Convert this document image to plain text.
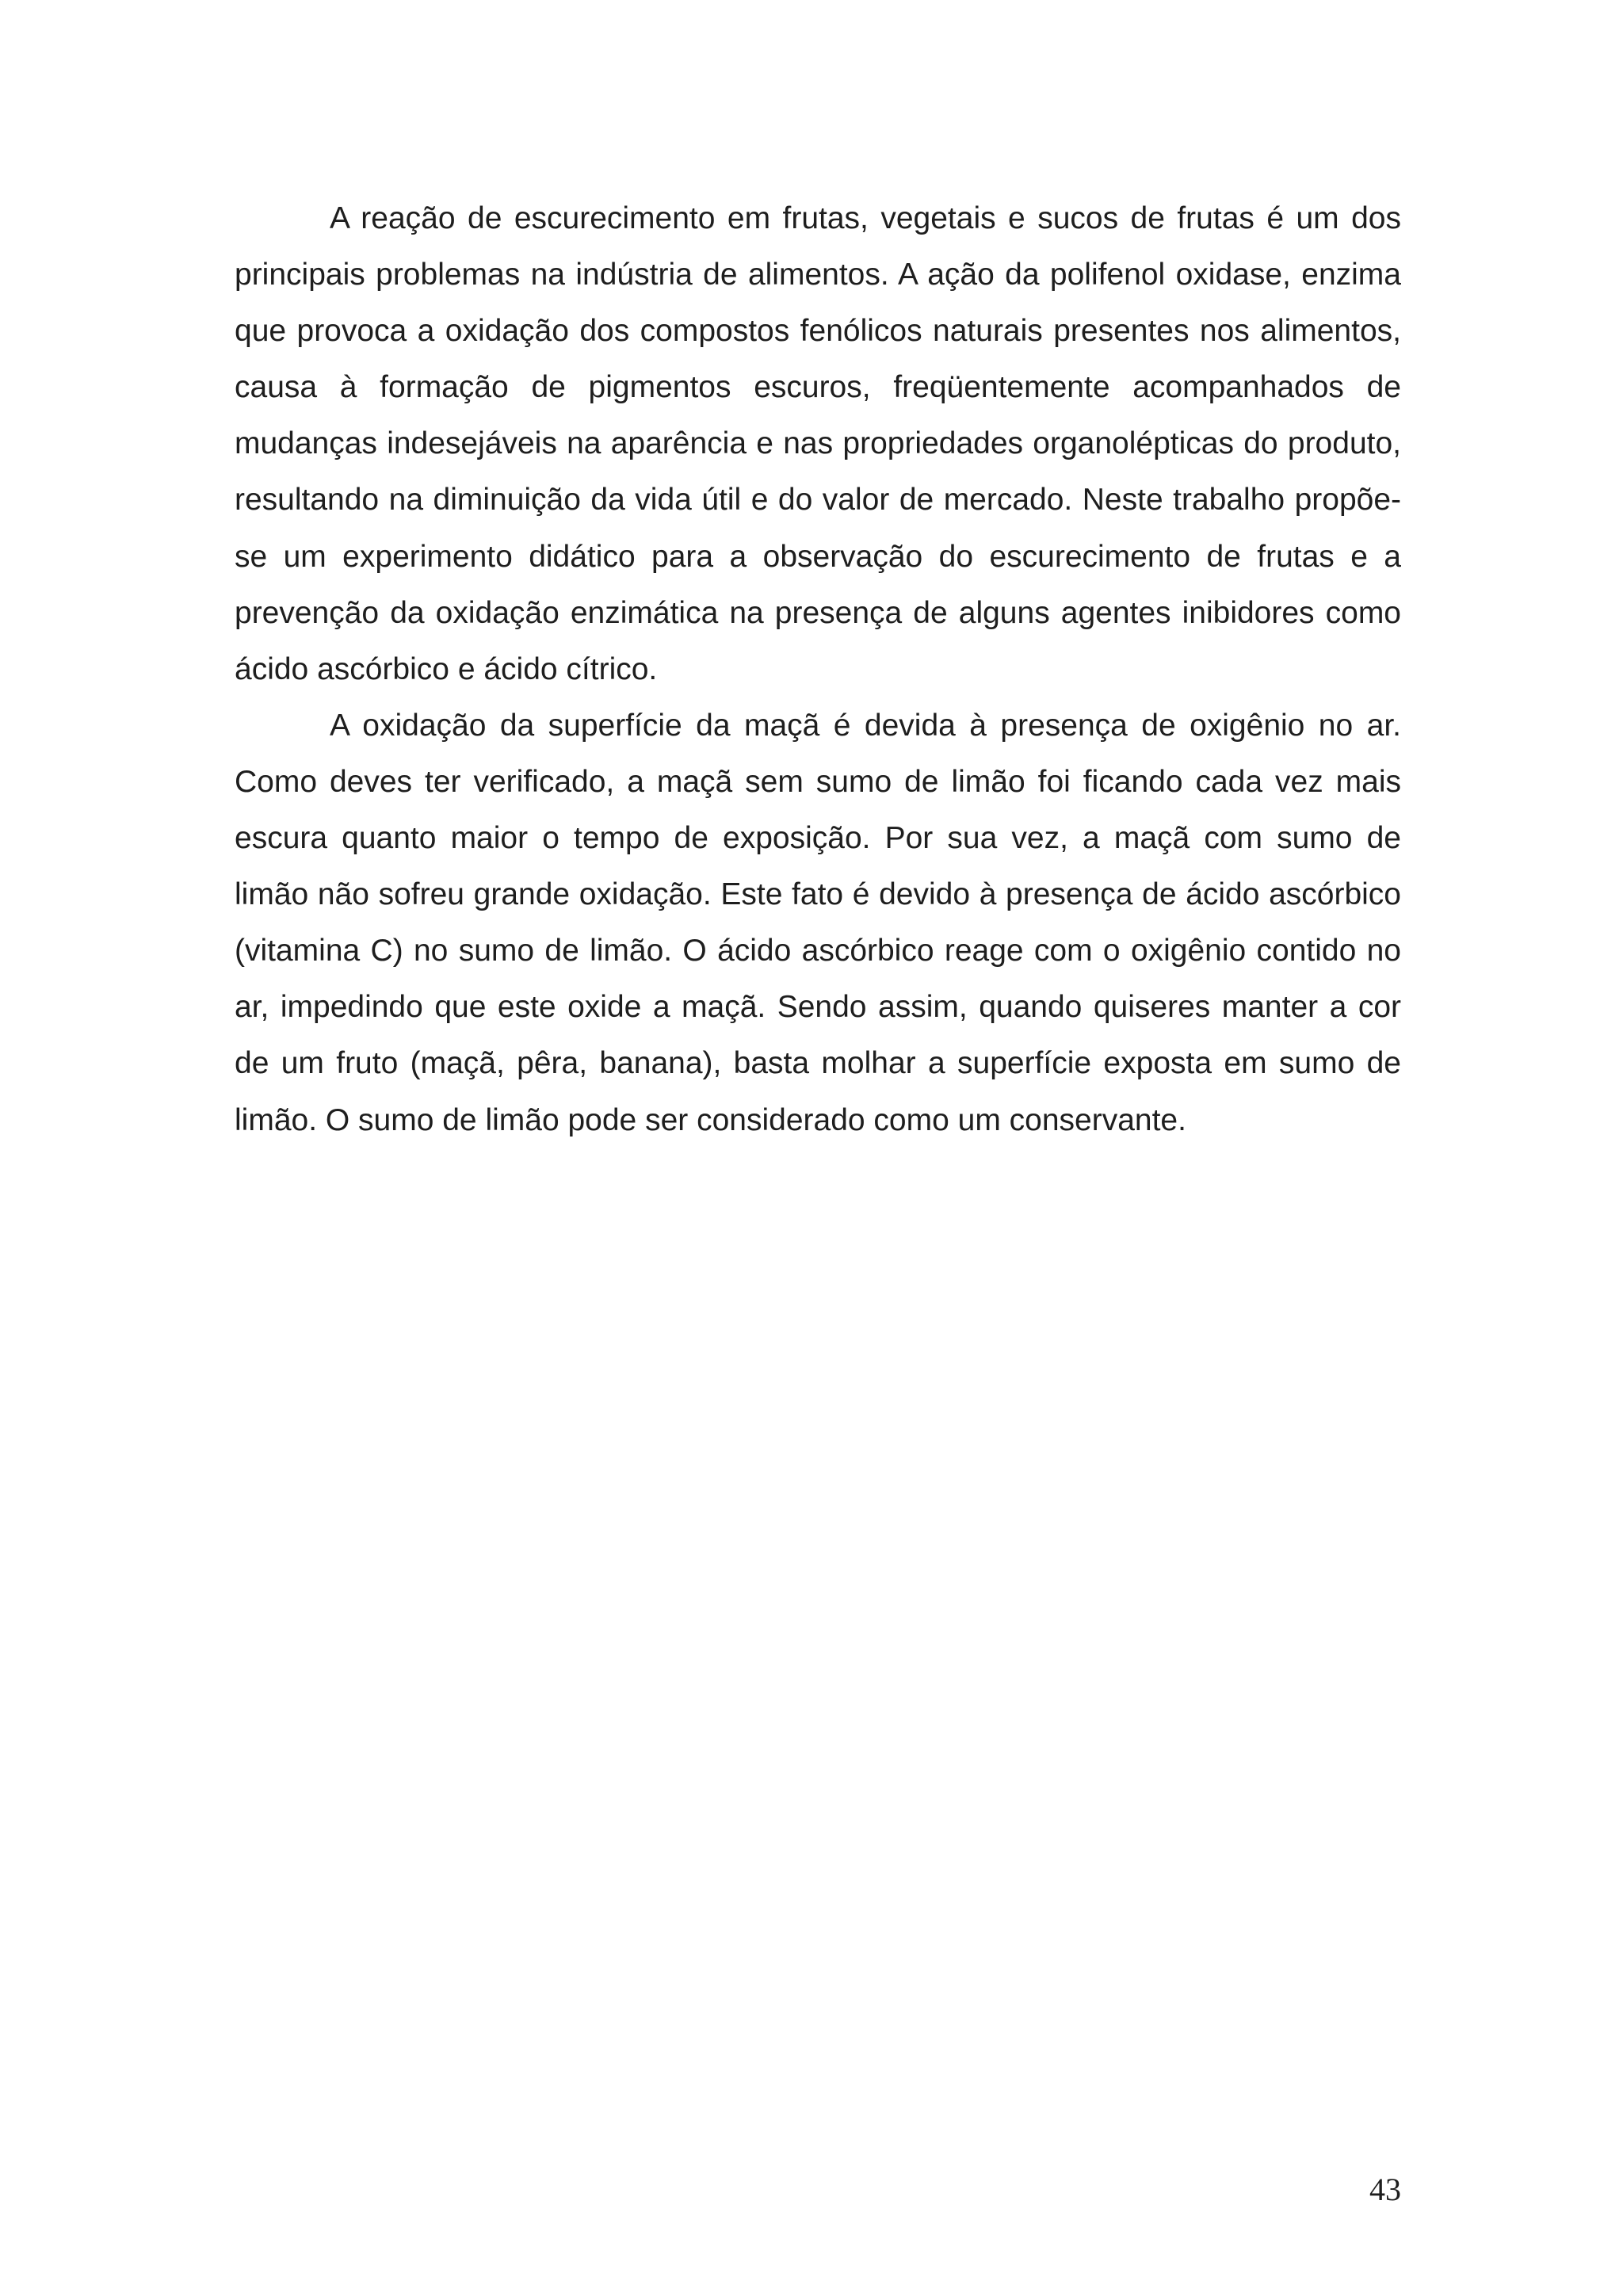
A reação de escurecimento em frutas, vegetais e sucos de frutas é um dos principais problemas na indústria de alimentos. A ação da polifenol oxidase, enzima que provoca a oxidação dos compostos fenólicos naturais presentes nos alimentos, causa à formação de pigmentos escuros, freqüentemente acompanhados de mudanças indesejáveis na aparência e nas propriedades organolépticas do produto, resultando na diminuição da vida útil e do valor de mercado. Neste trabalho propõe-se um experimento didático para a observação do escurecimento de frutas e a prevenção da oxidação enzimática na presença de alguns agentes inibidores como ácido ascórbico e ácido cítrico.

A oxidação da superfície da maçã é devida à presença de oxigênio no ar. Como deves ter verificado, a maçã sem sumo de limão foi ficando cada vez mais escura quanto maior o tempo de exposição. Por sua vez, a maçã com sumo de limão não sofreu grande oxidação. Este fato é devido à presença de ácido ascórbico (vitamina C) no sumo de limão. O ácido ascórbico reage com o oxigênio contido no ar, impedindo que este oxide a maçã. Sendo assim, quando quiseres manter a cor de um fruto (maçã, pêra, banana), basta molhar a superfície exposta em sumo de limão. O sumo de limão pode ser considerado como um conservante.

43
